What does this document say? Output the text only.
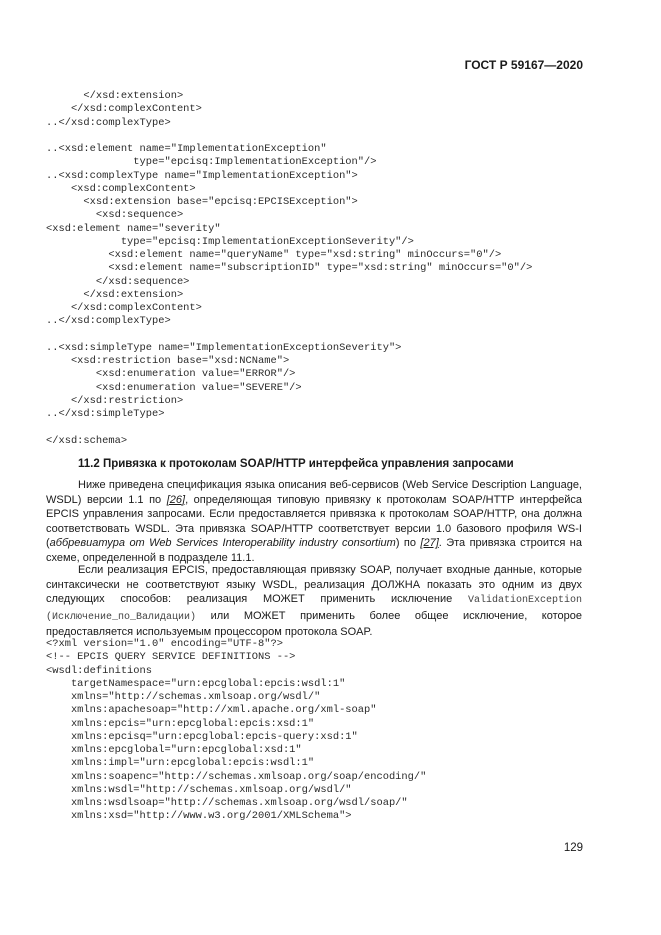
ГОСТ Р 59167—2020
</xsd:extension>
</xsd:complexContent>
..</xsd:complexType>

..<xsd:element name="ImplementationException"
type="epcisq:ImplementationException"/>
..<xsd:complexType name="ImplementationException">
<xsd:complexContent>
<xsd:extension base="epcisq:EPCISException">
<xsd:sequence>
<xsd:element name="severity"
type="epcisq:ImplementationExceptionSeverity"/>
<xsd:element name="queryName" type="xsd:string" minOccurs="0"/>
<xsd:element name="subscriptionID" type="xsd:string" minOccurs="0"/>
</xsd:sequence>
</xsd:extension>
</xsd:complexContent>
..</xsd:complexType>

..<xsd:simpleType name="ImplementationExceptionSeverity">
<xsd:restriction base="xsd:NCName">
<xsd:enumeration value="ERROR"/>
<xsd:enumeration value="SEVERE"/>
</xsd:restriction>
..</xsd:simpleType>

</xsd:schema>

11.2 Привязка к протоколам SOAP/HTTP интерфейса управления запросами

Ниже приведена спецификация языка описания веб-сервисов (Web Service Description Language, WSDL) версии 1.1 по [26], определяющая типовую привязку к протоколам SOAP/HTTP интерфейса EPCIS управления запросами. Если предоставляется привязка к протоколам SOAP/HTTP, она должна соответствовать WSDL. Эта привязка SOAP/HTTP соответствует версии 1.0 базового профиля WS-I (аббревиатура от Web Services Interoperability industry consortium) по [27]. Эта привязка строится на схеме, определенной в подразделе 11.1.

Если реализация EPCIS, предоставляющая привязку SOAP, получает входные данные, которые синтаксически не соответствуют языку WSDL, реализация ДОЛЖНА показать это одним из двух следующих способов: реализация МОЖЕТ применить исключение ValidationException (Исключение_по_Валидации) или МОЖЕТ применить более общее исключение, которое предоставляется используемым процессором протокола SOAP.

<?xml version="1.0" encoding="UTF-8"?>
<!-- EPCIS QUERY SERVICE DEFINITIONS -->
<wsdl:definitions
targetNamespace="urn:epcglobal:epcis:wsdl:1"
xmlns="http://schemas.xmlsoap.org/wsdl/"
xmlns:apachesoap="http://xml.apache.org/xml-soap"
xmlns:epcis="urn:epcglobal:epcis:xsd:1"
xmlns:epcisq="urn:epcglobal:epcis-query:xsd:1"
xmlns:epcglobal="urn:epcglobal:xsd:1"
xmlns:impl="urn:epcglobal:epcis:wsdl:1"
xmlns:soapenc="http://schemas.xmlsoap.org/soap/encoding/"
xmlns:wsdl="http://schemas.xmlsoap.org/wsdl/"
xmlns:wsdlsoap="http://schemas.xmlsoap.org/wsdl/soap/"
xmlns:xsd="http://www.w3.org/2001/XMLSchema">

129
